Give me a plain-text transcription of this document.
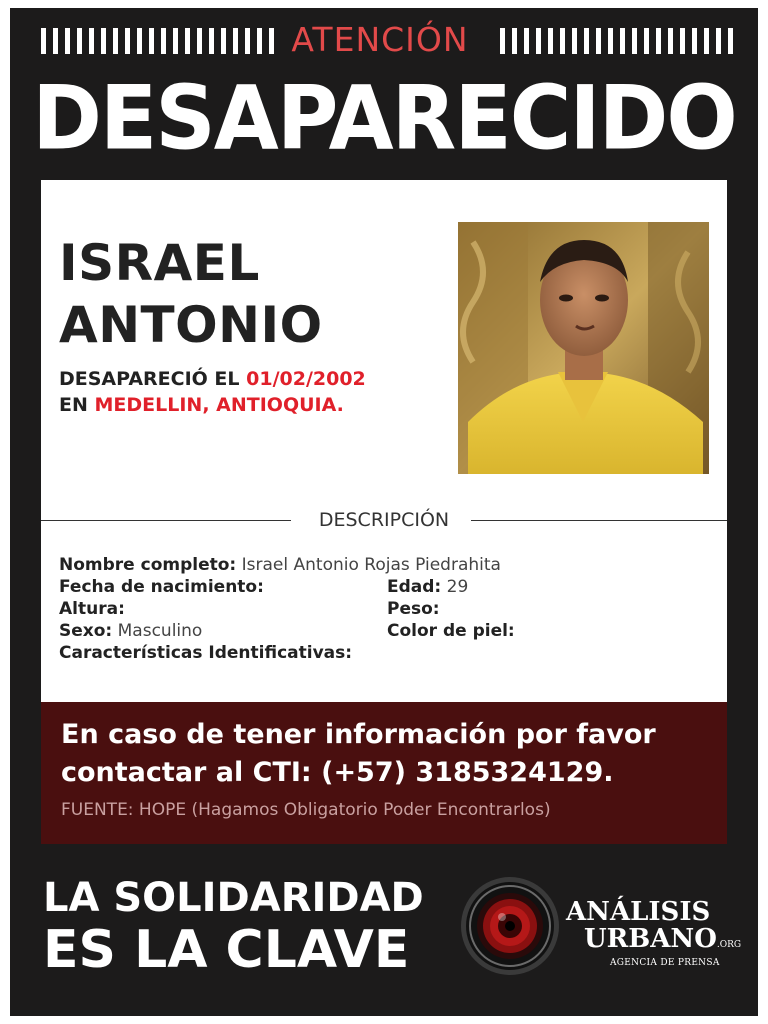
ATENCIÓN
DESAPARECIDO
ISRAEL
ANTONIO
DESAPARECIÓ EL 01/02/2002
EN MEDELLIN, ANTIOQUIA.
DESCRIPCIÓN
Nombre completo: Israel Antonio Rojas Piedrahita
Fecha de nacimiento:	Edad: 29
Altura:	Peso:
Sexo: Masculino	Color de piel:
Características Identificativas:
En caso de tener información por favor contactar al CTI: (+57) 3185324129.
FUENTE: HOPE (Hagamos Obligatorio Poder Encontrarlos)
LA SOLIDARIDAD
ES LA CLAVE
ANÁLISIS
URBANO.ORG
AGENCIA DE PRENSA
